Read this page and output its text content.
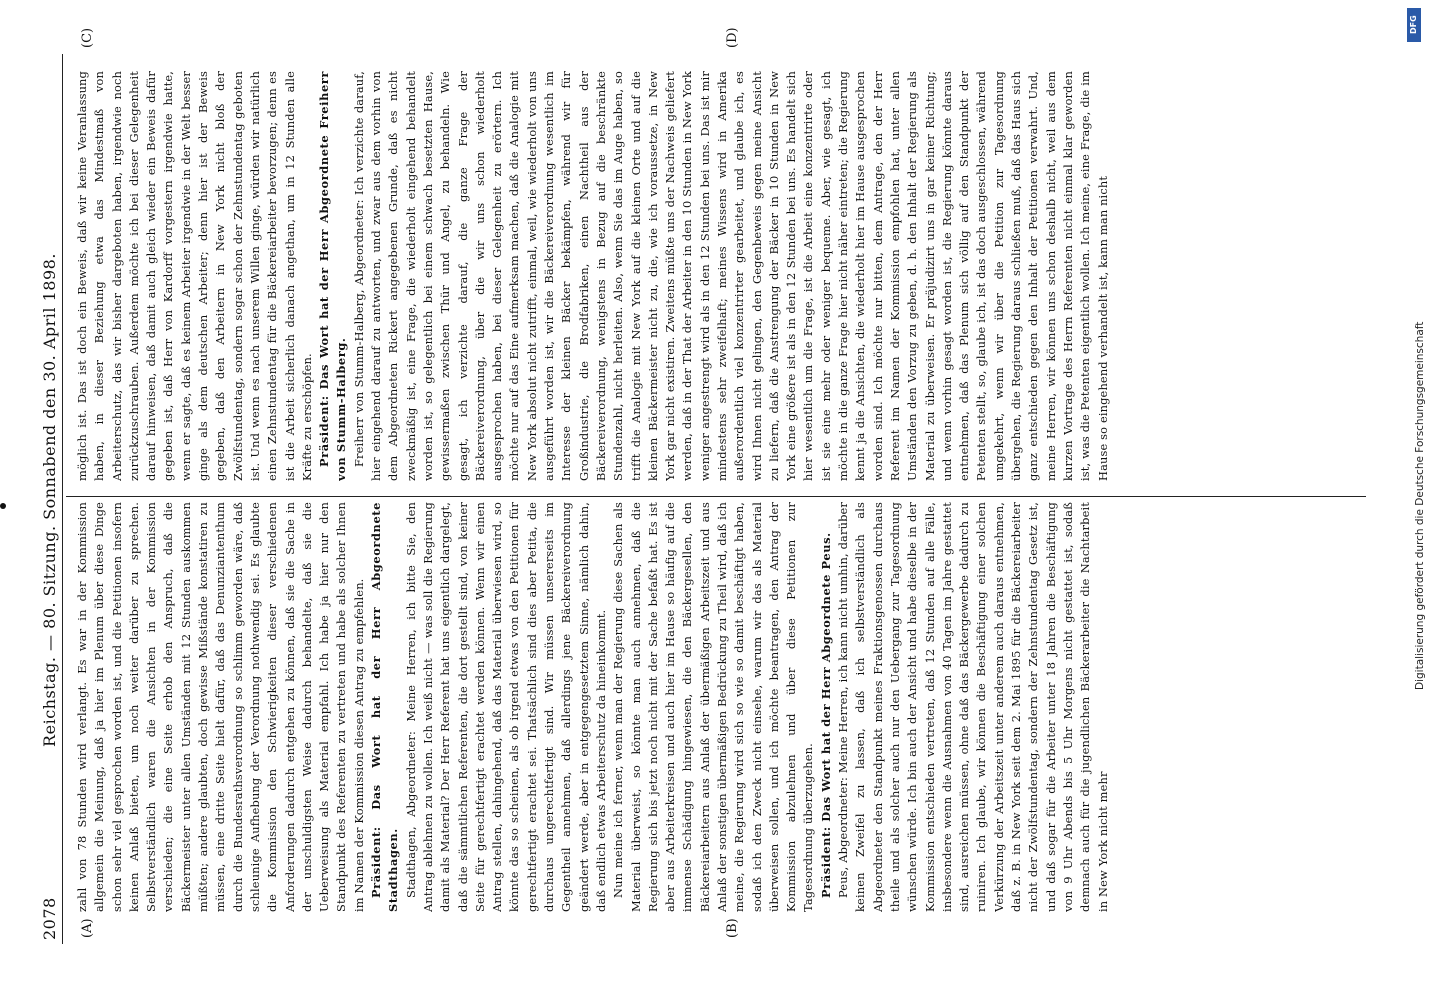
2078
Reichstag. — 80. Sitzung. Sonnabend den 30. April 1898.
(A)	(B)
(C)	(D)

zahl von 78 Stunden wird verlangt. Es war in der Kommission allgemein die Meinung, daß ja hier im Plenum über diese Dinge schon sehr viel gesprochen worden ist, und die Petitionen insofern keinen Anlaß bieten, um noch weiter darüber zu sprechen. Selbstverständlich waren die Ansichten in der Kommission verschieden; die eine Seite erhob den Anspruch, daß die Bäckermeister unter allen Umständen mit 12 Stunden auskommen müßten; andere glaubten, doch gewisse Mißstände konstatiren zu müssen, eine dritte Seite hielt dafür, daß das Denunziantenthum durch die Bundesrathsverordnung so schlimm geworden wäre, daß schleunige Aufhebung der Verordnung nothwendig sei. Es glaubte die Kommission den Schwierigkeiten dieser verschiedenen Anforderungen dadurch entgehen zu können, daß sie die Sache in der unschuldigsten Weise dadurch behandelte, daß sie die Ueberweisung als Material empfahl. Ich habe ja hier nur den Standpunkt des Referenten zu vertreten und habe als solcher Ihnen im Namen der Kommission diesen Antrag zu empfehlen. Präsident: Das Wort hat der Herr Abgeordnete Stadthagen. Stadthagen, Abgeordneter: Meine Herren, ich bitte Sie, den Antrag ablehnen zu wollen. Ich weiß nicht — was soll die Regierung damit als Material? Der Herr Referent hat uns eigentlich dargelegt, daß die sämmtlichen Referenten, die dort gestellt sind, von keiner Seite für gerechtfertigt erachtet werden können. Wenn wir einen Antrag stellen, dahingehend, daß das Material überwiesen wird, so könnte das so scheinen, als ob irgend etwas von den Petitionen für gerechtfertigt erachtet sei. Thatsächlich sind dies aber Petita, die durchaus ungerechtfertigt sind. Wir müssen unsererseits im Gegentheil annehmen, daß allerdings jene Bäckereiverordnung geändert werde, aber in entgegengesetztem Sinne, nämlich dahin, daß endlich etwas Arbeiterschutz da hineinkommt. Nun meine ich ferner, wenn man der Regierung diese Sachen als Material überweist, so könnte man auch annehmen, daß die Regierung sich bis jetzt noch nicht mit der Sache befaßt hat. Es ist aber aus Arbeiterkreisen und auch hier im Hause so häufig auf die immense Schädigung hingewiesen, die den Bäckergesellen, den Bäckereiarbeitern aus Anlaß der übermäßigen Arbeitszeit und aus Anlaß der sonstigen übermäßigen Bedrückung zu Theil wird, daß ich meine, die Regierung wird sich so wie so damit beschäftigt haben, sodaß ich den Zweck nicht einsehe, warum wir das als Material überweisen sollen, und ich möchte beantragen, den Antrag der Kommission abzulehnen und über diese Petitionen zur Tagesordnung überzugehen. Präsident: Das Wort hat der Herr Abgeordnete Peus. Peus, Abgeordneter: Meine Herren, ich kann nicht umhin, darüber keinen Zweifel zu lassen, daß ich selbstverständlich als Abgeordneter den Standpunkt meines Fraktionsgenossen durchaus theile und als solcher auch nur den Uebergang zur Tagesordnung wünschen würde. Ich bin auch der Ansicht und habe dieselbe in der Kommission entschieden vertreten, daß 12 Stunden auf alle Fälle, insbesondere wenn die Ausnahmen von 40 Tagen im Jahre gestattet sind, ausreichen müssen, ohne daß das Bäckergewerbe dadurch zu ruiniren. Ich glaube, wir können die Beschäftigung einer solchen Verkürzung der Arbeitszeit unter anderem auch daraus entnehmen, daß z. B. in New York seit dem 2. Mai 1895 für die Bäckereiarbeiter nicht der Zwölfstundentag, sondern der Zehnstundentag Gesetz ist, und daß sogar für die Arbeiter unter 18 Jahren die Beschäftigung von 9 Uhr Abends bis 5 Uhr Morgens nicht gestattet ist, sodaß demnach auch für die jugendlichen Bäckerarbeiter die Nachtarbeit in New York nicht mehr

möglich ist. Das ist doch ein Beweis, daß wir keine Veranlassung haben, in dieser Beziehung etwa das Mindestmaß von Arbeiterschutz, das wir bisher dargeboten haben, irgendwie noch zurückzuschrauben. Außerdem möchte ich bei dieser Gelegenheit darauf hinweisen, daß damit auch gleich wieder ein Beweis dafür gegeben ist, daß Herr von Kardorff vorgestern irgendwie hatte, wenn er sagte, daß es keinem Arbeiter irgendwie in der Welt besser ginge als dem deutschen Arbeiter; denn hier ist der Beweis gegeben, daß den Arbeitern in New York nicht bloß der Zwölfstundentag, sondern sogar schon der Zehnstundentag geboten ist. Und wenn es nach unserem Willen ginge, würden wir natürlich einen Zehnstundentag für die Bäckereiarbeiter bevorzugen; denn es ist die Arbeit sicherlich danach angethan, um in 12 Stunden alle Kräfte zu erschöpfen. Präsident: Das Wort hat der Herr Abgeordnete Freiherr von Stumm-Halberg. Freiherr von Stumm-Halberg, Abgeordneter: Ich verzichte darauf, hier eingehend darauf zu antworten, und zwar aus dem vorhin von dem Abgeordneten Rickert angegebenen Grunde, daß es nicht zweckmäßig ist, eine Frage, die wiederholt eingehend behandelt worden ist, so gelegentlich bei einem schwach besetzten Hause, gewissermaßen zwischen Thür und Angel, zu behandeln. Wie gesagt, ich verzichte darauf, die ganze Frage der Bäckereiverordnung, über die wir uns schon wiederholt ausgesprochen haben, bei dieser Gelegenheit zu erörtern. Ich möchte nur auf das Eine aufmerksam machen, daß die Analogie mit New York absolut nicht zutrifft, einmal, weil, wie wiederholt von uns ausgeführt worden ist, wir die Bäckereiverordnung wesentlich im Interesse der kleinen Bäcker bekämpfen, während wir für Großindustrie, die Brodfabriken, einen Nachtheil aus der Bäckereiverordnung, wenigstens in Bezug auf die beschränkte Stundenzahl, nicht herleiten. Also, wenn Sie das im Auge haben, so trifft die Analogie mit New York auf die kleinen Orte und auf die kleinen Bäckermeister nicht zu, die, wie ich voraussetze, in New York gar nicht existiren. Zweitens müßte uns der Nachweis geliefert werden, daß in der That der Arbeiter in den 10 Stunden in New York weniger angestrengt wird als in den 12 Stunden bei uns. Das ist mir mindestens sehr zweifelhaft; meines Wissens wird in Amerika außerordentlich viel konzentrirter gearbeitet, und glaube ich, es wird Ihnen nicht gelingen, den Gegenbeweis gegen meine Ansicht zu liefern, daß die Anstrengung der Bäcker in 10 Stunden in New York eine größere ist als in den 12 Stunden bei uns. Es handelt sich hier wesentlich um die Frage, ist die Arbeit eine konzentrirte oder ist sie eine mehr oder weniger bequeme. Aber, wie gesagt, ich möchte in die ganze Frage hier nicht näher eintreten; die Regierung kennt ja die Ansichten, die wiederholt hier im Hause ausgesprochen worden sind. Ich möchte nur bitten, dem Antrage, den der Herr Referent im Namen der Kommission empfohlen hat, unter allen Umständen den Vorzug zu geben, d. h. den Inhalt der Regierung als Material zu überweisen. Er präjudizirt uns in gar keiner Richtung; und wenn vorhin gesagt worden ist, die Regierung könnte daraus entnehmen, daß das Plenum sich völlig auf den Standpunkt der Petenten stellt, so, glaube ich, ist das doch ausgeschlossen, während umgekehrt, wenn wir über die Petition zur Tagesordnung übergehen, die Regierung daraus schließen muß, daß das Haus sich ganz entschieden gegen den Inhalt der Petitionen verwahrt. Und, meine Herren, wir können uns schon deshalb nicht, weil aus dem kurzen Vortrage des Herrn Referenten nicht einmal klar geworden ist, was die Petenten eigentlich wollen. Ich meine, eine Frage, die im Hause so eingehend verhandelt ist, kann man nicht

DFG
Digitalisierung gefördert durch die Deutsche Forschungsgemeinschaft
